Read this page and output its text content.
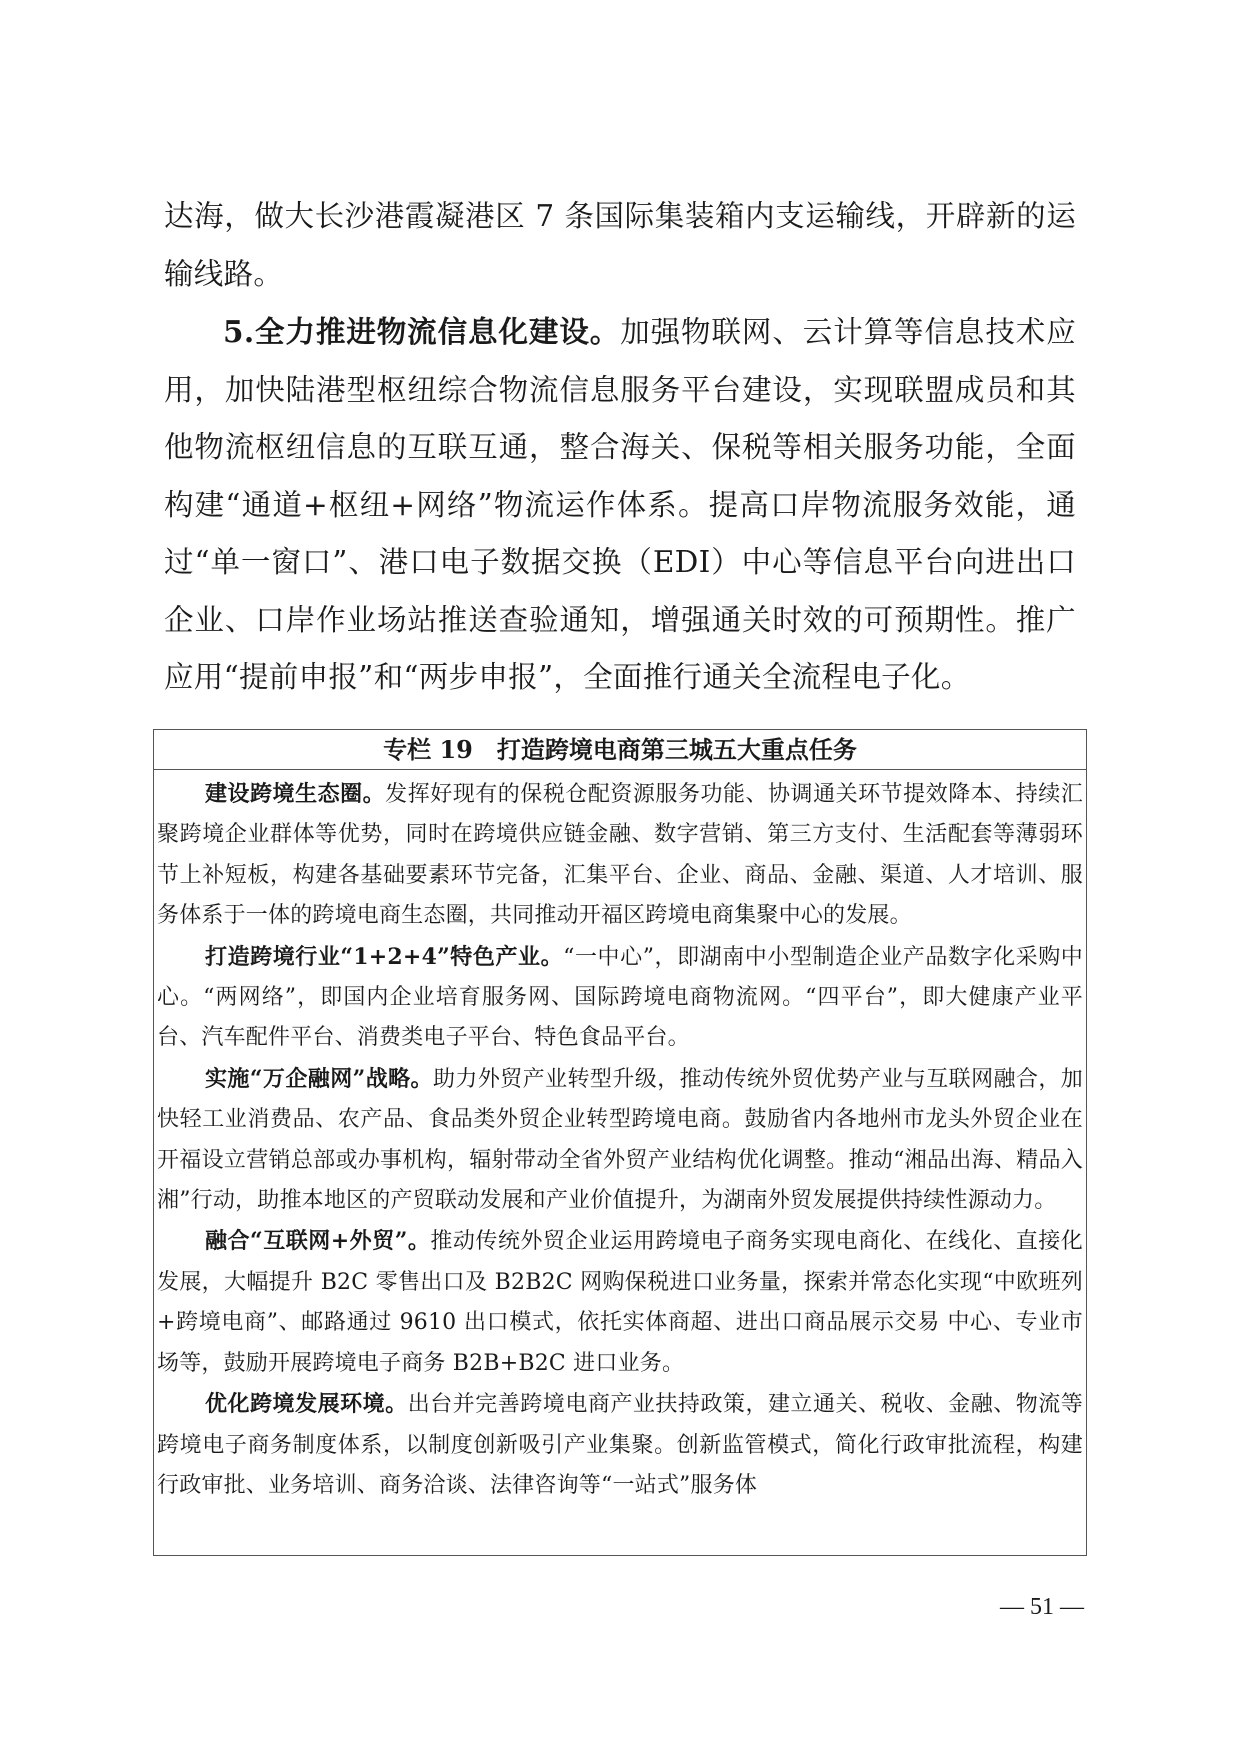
达海，做大长沙港霞凝港区 7 条国际集装箱内支运输线，开辟新的运输线路。

5.全力推进物流信息化建设。加强物联网、云计算等信息技术应用，加快陆港型枢纽综合物流信息服务平台建设，实现联盟成员和其他物流枢纽信息的互联互通，整合海关、保税等相关服务功能，全面构建“通道+枢纽+网络”物流运作体系。提高口岸物流服务效能，通过“单一窗口”、港口电子数据交换（EDI）中心等信息平台向进出口企业、口岸作业场站推送查验通知，增强通关时效的可预期性。推广应用“提前申报”和“两步申报”，全面推行通关全流程电子化。

专栏 19　打造跨境电商第三城五大重点任务

建设跨境生态圈。发挥好现有的保税仓配资源服务功能、协调通关环节提效降本、持续汇聚跨境企业群体等优势，同时在跨境供应链金融、数字营销、第三方支付、生活配套等薄弱环节上补短板，构建各基础要素环节完备，汇集平台、企业、商品、金融、渠道、人才培训、服务体系于一体的跨境电商生态圈，共同推动开福区跨境电商集聚中心的发展。

打造跨境行业“1+2+4”特色产业。“一中心”，即湖南中小型制造企业产品数字化采购中心。“两网络”，即国内企业培育服务网、国际跨境电商物流网。“四平台”，即大健康产业平台、汽车配件平台、消费类电子平台、特色食品平台。

实施“万企融网”战略。助力外贸产业转型升级，推动传统外贸优势产业与互联网融合，加快轻工业消费品、农产品、食品类外贸企业转型跨境电商。鼓励省内各地州市龙头外贸企业在开福设立营销总部或办事机构，辐射带动全省外贸产业结构优化调整。推动“湘品出海、精品入湘”行动，助推本地区的产贸联动发展和产业价值提升，为湖南外贸发展提供持续性源动力。

融合“互联网+外贸”。推动传统外贸企业运用跨境电子商务实现电商化、在线化、直接化发展，大幅提升 B2C 零售出口及 B2B2C 网购保税进口业务量，探索并常态化实现“中欧班列+跨境电商”、邮路通过 9610 出口模式，依托实体商超、进出口商品展示交易 中心、专业市场等，鼓励开展跨境电子商务 B2B+B2C 进口业务。

优化跨境发展环境。出台并完善跨境电商产业扶持政策，建立通关、税收、金融、物流等跨境电子商务制度体系，以制度创新吸引产业集聚。创新监管模式，简化行政审批流程，构建行政审批、业务培训、商务洽谈、法律咨询等“一站式”服务体

— 51 —
